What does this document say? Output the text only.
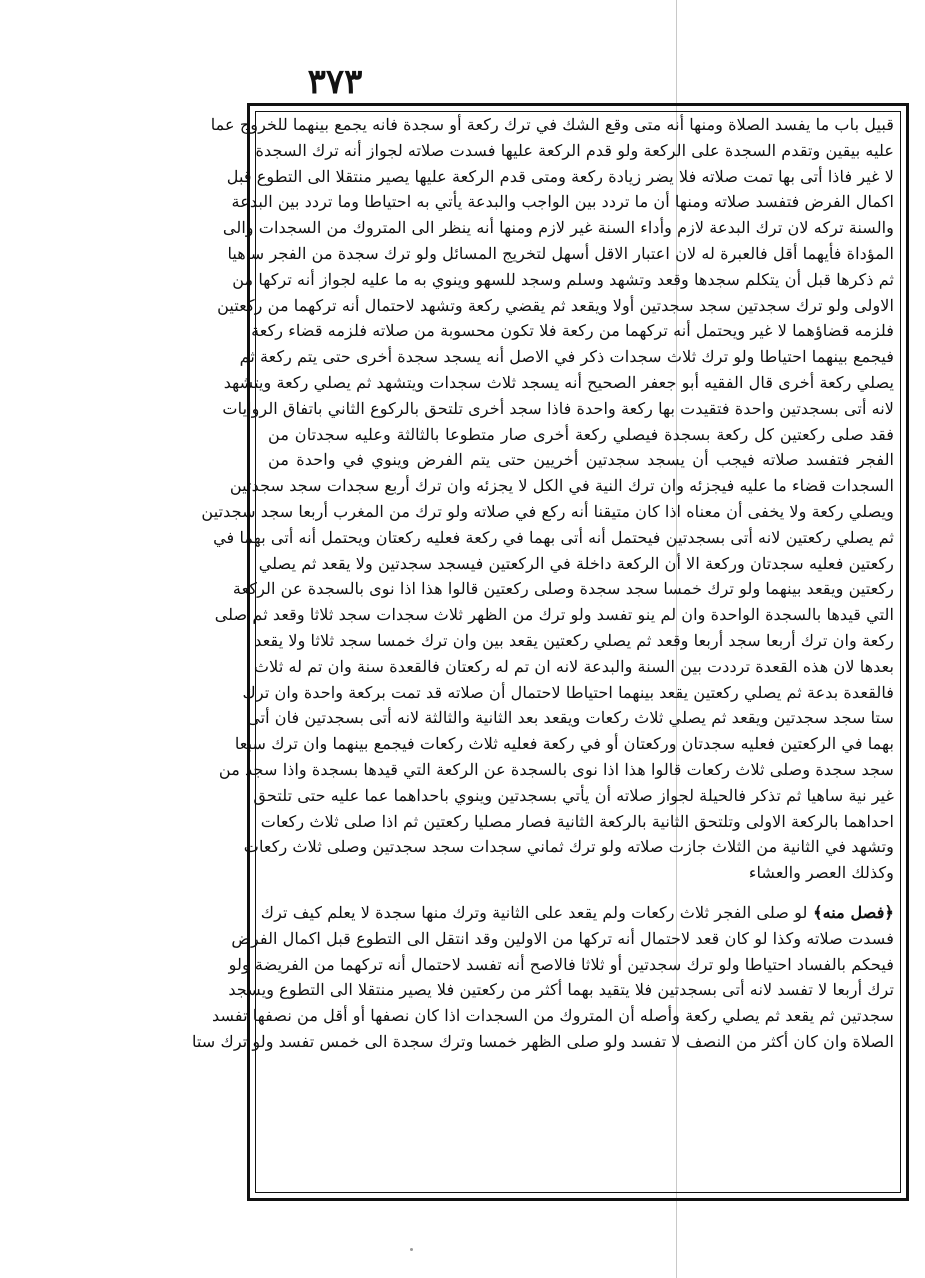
٣٧٣
قبيل باب ما يفسد الصلاة ومنها أنه متى وقع الشك في ترك ركعة أو سجدة فانه يجمع بينهما للخروج عما
عليه بيقين وتقدم السجدة على الركعة ولو قدم الركعة عليها فسدت صلاته لجواز أنه ترك السجدة
لا غير فاذا أتى بها تمت صلاته فلا يضر زيادة ركعة ومتى قدم الركعة عليها يصير منتقلا الى التطوع قبل
اكمال الفرض فتفسد صلاته ومنها أن ما تردد بين الواجب والبدعة يأتي به احتياطا وما تردد بين البدعة
والسنة تركه لان ترك البدعة لازم وأداء السنة غير لازم ومنها أنه ينظر الى المتروك من السجدات والى
المؤداة فأيهما أقل فالعبرة له لان اعتبار الاقل أسهل لتخريج المسائل ولو ترك سجدة من الفجر ساهيا
ثم ذكرها قبل أن يتكلم سجدها وقعد وتشهد وسلم وسجد للسهو وينوي به ما عليه لجواز أنه تركها من
الاولى ولو ترك سجدتين سجد سجدتين أولا ويقعد ثم يقضي ركعة وتشهد لاحتمال أنه تركهما من ركعتين
فلزمه قضاؤهما لا غير ويحتمل أنه تركهما من ركعة فلا تكون محسوبة من صلاته فلزمه قضاء ركعة
فيجمع بينهما احتياطا ولو ترك ثلاث سجدات ذكر في الاصل أنه يسجد سجدة أخرى حتى يتم ركعة ثم
يصلي ركعة أخرى قال الفقيه أبو جعفر الصحيح أنه يسجد ثلاث سجدات ويتشهد ثم يصلي ركعة ويتشهد
لانه أتى بسجدتين واحدة فتقيدت بها ركعة واحدة فاذا سجد أخرى تلتحق بالركوع الثاني باتفاق الروايات
فقد صلى ركعتين كل ركعة بسجدة فيصلي ركعة أخرى صار متطوعا بالثالثة وعليه سجدتان من
الفجر فتفسد صلاته فيجب أن يسجد سجدتين أخريين حتى يتم الفرض وينوي في واحدة من
السجدات قضاء ما عليه فيجزئه وان ترك النية في الكل لا يجزئه وان ترك أربع سجدات سجد سجدتين
ويصلي ركعة ولا يخفى أن معناه اذا كان متيقنا أنه ركع في صلاته ولو ترك من المغرب أربعا سجد سجدتين
ثم يصلي ركعتين لانه أتى بسجدتين فيحتمل أنه أتى بهما في ركعة فعليه ركعتان ويحتمل أنه أتى بهما في
ركعتين فعليه سجدتان وركعة الا أن الركعة داخلة في الركعتين فيسجد سجدتين ولا يقعد ثم يصلي
ركعتين ويقعد بينهما ولو ترك خمسا سجد سجدة وصلى ركعتين قالوا هذا اذا نوى بالسجدة عن الركعة
التي قيدها بالسجدة الواحدة وان لم ينو تفسد ولو ترك من الظهر ثلاث سجدات سجد ثلاثا وقعد ثم صلى
ركعة وان ترك أربعا سجد أربعا وقعد ثم يصلي ركعتين يقعد بين وان ترك خمسا سجد ثلاثا ولا يقعد
بعدها لان هذه القعدة ترددت بين السنة والبدعة لانه ان تم له ركعتان فالقعدة سنة وان تم له ثلاث
فالقعدة بدعة ثم يصلي ركعتين يقعد بينهما احتياطا لاحتمال أن صلاته قد تمت بركعة واحدة وان ترك
ستا سجد سجدتين ويقعد ثم يصلي ثلاث ركعات ويقعد بعد الثانية والثالثة لانه أتى بسجدتين فان أتى
بهما في الركعتين فعليه سجدتان وركعتان أو في ركعة فعليه ثلاث ركعات فيجمع بينهما وان ترك سبعا
سجد سجدة وصلى ثلاث ركعات قالوا هذا اذا نوى بالسجدة عن الركعة التي قيدها بسجدة واذا سجد من
غير نية ساهيا ثم تذكر فالحيلة لجواز صلاته أن يأتي بسجدتين وينوي باحداهما عما عليه حتى تلتحق
احداهما بالركعة الاولى وتلتحق الثانية بالركعة الثانية فصار مصليا ركعتين ثم اذا صلى ثلاث ركعات
وتشهد في الثانية من الثلاث جازت صلاته ولو ترك ثماني سجدات سجد سجدتين وصلى ثلاث ركعات
وكذلك العصر والعشاء
﴿فصل منه﴾ لو صلى الفجر ثلاث ركعات ولم يقعد على الثانية وترك منها سجدة لا يعلم كيف ترك
فسدت صلاته وكذا لو كان قعد لاحتمال أنه تركها من الاولين وقد انتقل الى التطوع قبل اكمال الفرض
فيحكم بالفساد احتياطا ولو ترك سجدتين أو ثلاثا فالاصح أنه تفسد لاحتمال أنه تركهما من الفريضة ولو
ترك أربعا لا تفسد لانه أتى بسجدتين فلا يتقيد بهما أكثر من ركعتين فلا يصير منتقلا الى التطوع ويسجد
سجدتين ثم يقعد ثم يصلي ركعة وأصله أن المتروك من السجدات اذا كان نصفها أو أقل من نصفها تفسد
الصلاة وان كان أكثر من النصف لا تفسد ولو صلى الظهر خمسا وترك سجدة الى خمس تفسد ولو ترك ستا
